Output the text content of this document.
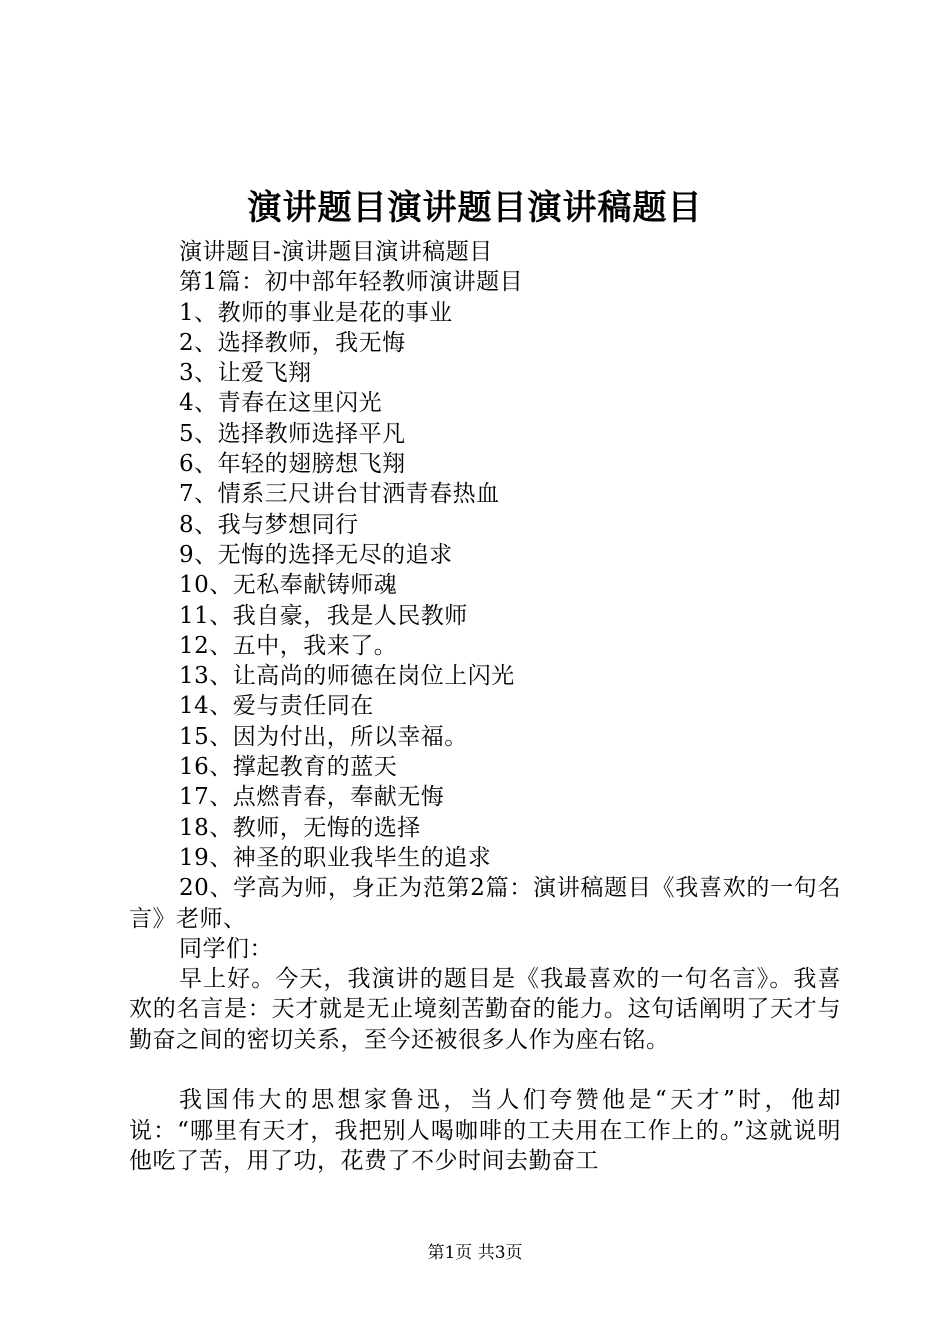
演讲题目演讲题目演讲稿题目
演讲题目-演讲题目演讲稿题目
第1篇：初中部年轻教师演讲题目
1、教师的事业是花的事业
2、选择教师，我无悔
3、让爱飞翔
4、青春在这里闪光
5、选择教师选择平凡
6、年轻的翅膀想飞翔
7、情系三尺讲台甘洒青春热血
8、我与梦想同行
9、无悔的选择无尽的追求
10、无私奉献铸师魂
11、我自豪，我是人民教师
12、五中，我来了。
13、让高尚的师德在岗位上闪光
14、爱与责任同在
15、因为付出，所以幸福。
16、撑起教育的蓝天
17、点燃青春，奉献无悔
18、教师，无悔的选择
19、神圣的职业我毕生的追求
20、学高为师，身正为范第2篇：演讲稿题目《我喜欢的一句名言》老师、
同学们：
早上好。今天，我演讲的题目是《我最喜欢的一句名言》。我喜欢的名言是：天才就是无止境刻苦勤奋的能力。这句话阐明了天才与勤奋之间的密切关系，至今还被很多人作为座右铭。
我国伟大的思想家鲁迅，当人们夸赞他是“天才”时，他却说：“哪里有天才，我把别人喝咖啡的工夫用在工作上的。”这就说明他吃了苦，用了功，花费了不少时间去勤奋工
第1页 共3页
